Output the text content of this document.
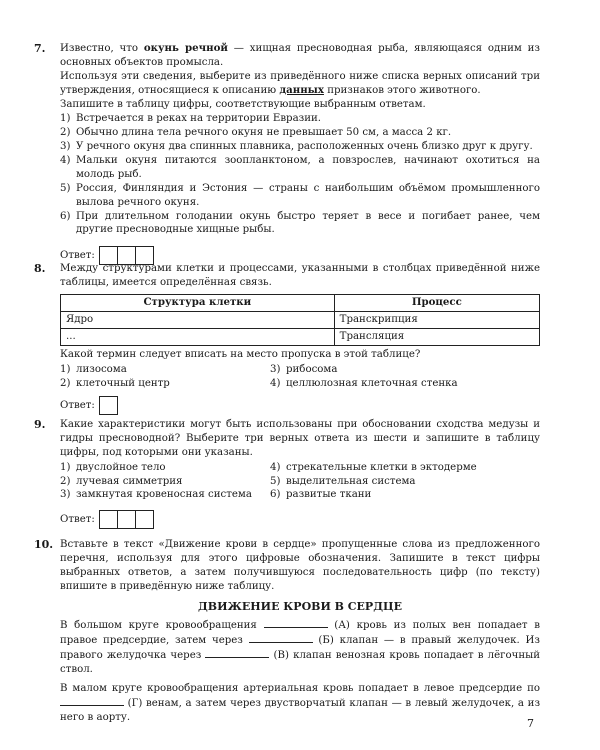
7. Известно, что окунь речной — хищная пресноводная рыба, являющаяся одним из основных объектов промысла.

Используя эти сведения, выберите из приведённого ниже списка верных описаний три утверждения, относящиеся к описанию данных признаков этого животного.

Запишите в таблицу цифры, соответствующие выбранным ответам.

1) Встречается в реках на территории Евразии.
2) Обычно длина тела речного окуня не превышает 50 см, а масса 2 кг.
3) У речного окуня два спинных плавника, расположенных очень близко друг к другу.
4) Мальки окуня питаются зоопланктоном, а повзрослев, начинают охотиться на молодь рыб.
5) Россия, Финляндия и Эстония — страны с наибольшим объёмом промышленного вылова речного окуня.
6) При длительном голодании окунь быстро теряет в весе и погибает ранее, чем другие пресноводные хищные рыбы.
Ответ:
8. Между структурами клетки и процессами, указанными в столбцах приведённой ниже таблицы, имеется определённая связь.

Структура клетки	Процесс
Ядро	Транскрипция
...	Трансляция

Какой термин следует вписать на место пропуска в этой таблице?

1) лизосома	3) рибосома
2) клеточный центр	4) целлюлозная клеточная стенка
Ответ:
9. Какие характеристики могут быть использованы при обосновании сходства медузы и гидры пресноводной? Выберите три верных ответа из шести и запишите в таблицу цифры, под которыми они указаны.

1) двуслойное тело	4) стрекательные клетки в эктодерме
2) лучевая симметрия	5) выделительная система
3) замкнутая кровеносная система	6) развитые ткани
Ответ:
10. Вставьте в текст «Движение крови в сердце» пропущенные слова из предложенного перечня, используя для этого цифровые обозначения. Запишите в текст цифры выбранных ответов, а затем получившуюся последовательность цифр (по тексту) впишите в приведённую ниже таблицу.

ДВИЖЕНИЕ КРОВИ В СЕРДЦЕ

В большом круге кровообращения	(А) кровь из полых вен попадает в правое предсердие, затем через	(Б) клапан — в правый желудочек. Из правого желудочка через	(В) клапан венозная кровь попадает в лёгочный ствол.

В малом круге кровообращения артериальная кровь попадает в левое предсердие по  (Г) венам, а затем через двустворчатый клапан — в левый желудочек, а из него в аорту.	7
